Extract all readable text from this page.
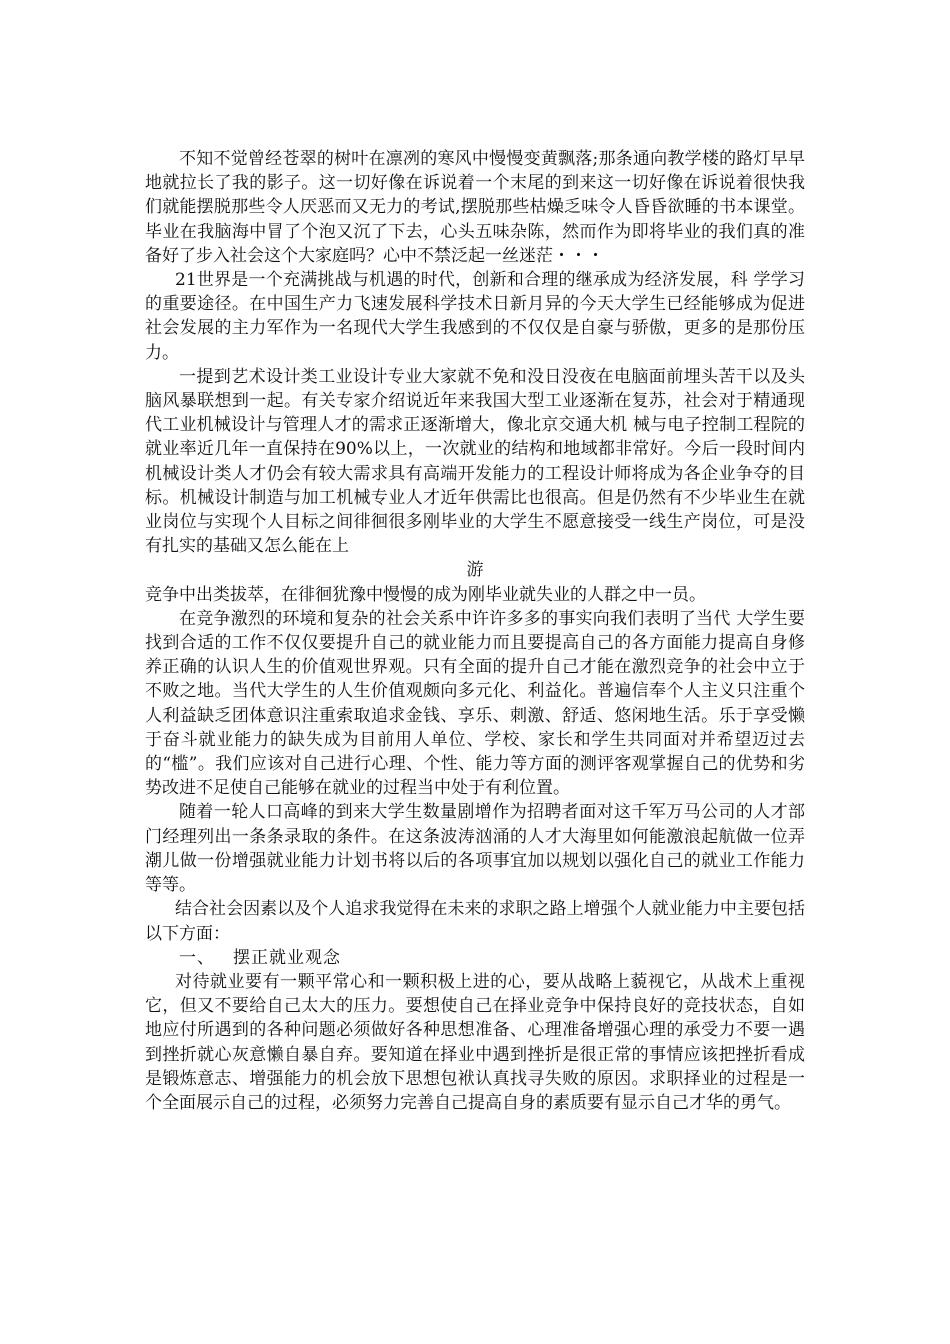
不知不觉曾经苍翠的树叶在凛冽的寒风中慢慢变黄飘落;那条通向教学楼的路灯早早地就拉长了我的影子。这一切好像在诉说着一个末尾的到来这一切好像在诉说着很快我们就能摆脱那些令人厌恶而又无力的考试,摆脱那些枯燥乏味令人昏昏欲睡的书本课堂。毕业在我脑海中冒了个泡又沉了下去，心头五味杂陈，然而作为即将毕业的我们真的准备好了步入社会这个大家庭吗？心中不禁泛起一丝迷茫・・・

21世界是一个充满挑战与机遇的时代，创新和合理的继承成为经济发展，科 学学习的重要途径。在中国生产力飞速发展科学技术日新月异的今天大学生已经能够成为促进社会发展的主力军作为一名现代大学生我感到的不仅仅是自豪与骄傲，更多的是那份压力。

一提到艺术设计类工业设计专业大家就不免和没日没夜在电脑面前埋头苦干以及头脑风暴联想到一起。有关专家介绍说近年来我国大型工业逐渐在复苏，社会对于精通现代工业机械设计与管理人才的需求正逐渐增大，像北京交通大机 械与电子控制工程院的就业率近几年一直保持在90%以上，一次就业的结构和地域都非常好。今后一段时间内机械设计类人才仍会有较大需求具有高端开发能力的工程设计师将成为各企业争夺的目标。机械设计制造与加工机械专业人才近年供需比也很高。但是仍然有不少毕业生在就业岗位与实现个人目标之间徘徊很多刚毕业的大学生不愿意接受一线生产岗位，可是没有扎实的基础又怎么能在上

游

竞争中出类拔萃，在徘徊犹豫中慢慢的成为刚毕业就失业的人群之中一员。

在竞争激烈的环境和复杂的社会关系中许许多多的事实向我们表明了当代 大学生要找到合适的工作不仅仅要提升自己的就业能力而且要提高自己的各方面能力提高自身修养正确的认识人生的价值观世界观。只有全面的提升自己才能在激烈竞争的社会中立于不败之地。当代大学生的人生价值观颇向多元化、利益化。普遍信奉个人主义只注重个人利益缺乏团体意识注重索取追求金钱、享乐、刺激、舒适、悠闲地生活。乐于享受懒于奋斗就业能力的缺失成为目前用人单位、学校、家长和学生共同面对并希望迈过去的“槛”。我们应该对自己进行心理、个性、能力等方面的测评客观掌握自己的优势和劣势改进不足使自己能够在就业的过程当中处于有利位置。

随着一轮人口高峰的到来大学生数量剧增作为招聘者面对这千军万马公司的人才部门经理列出一条条录取的条件。在这条波涛汹涌的人才大海里如何能激浪起航做一位弄潮儿做一份增强就业能力计划书将以后的各项事宜加以规划以强化自己的就业工作能力等等。

结合社会因素以及个人追求我觉得在未来的求职之路上增强个人就业能力中主要包括以下方面：

一、 摆正就业观念

对待就业要有一颗平常心和一颗积极上进的心，要从战略上藐视它，从战术上重视它，但又不要给自己太大的压力。要想使自己在择业竞争中保持良好的竞技状态，自如地应付所遇到的各种问题必须做好各种思想准备、心理准备增强心理的承受力不要一遇到挫折就心灰意懒自暴自弃。要知道在择业中遇到挫折是很正常的事情应该把挫折看成是锻炼意志、增强能力的机会放下思想包袱认真找寻失败的原因。求职择业的过程是一个全面展示自己的过程，必须努力完善自己提高自身的素质要有显示自己才华的勇气。
